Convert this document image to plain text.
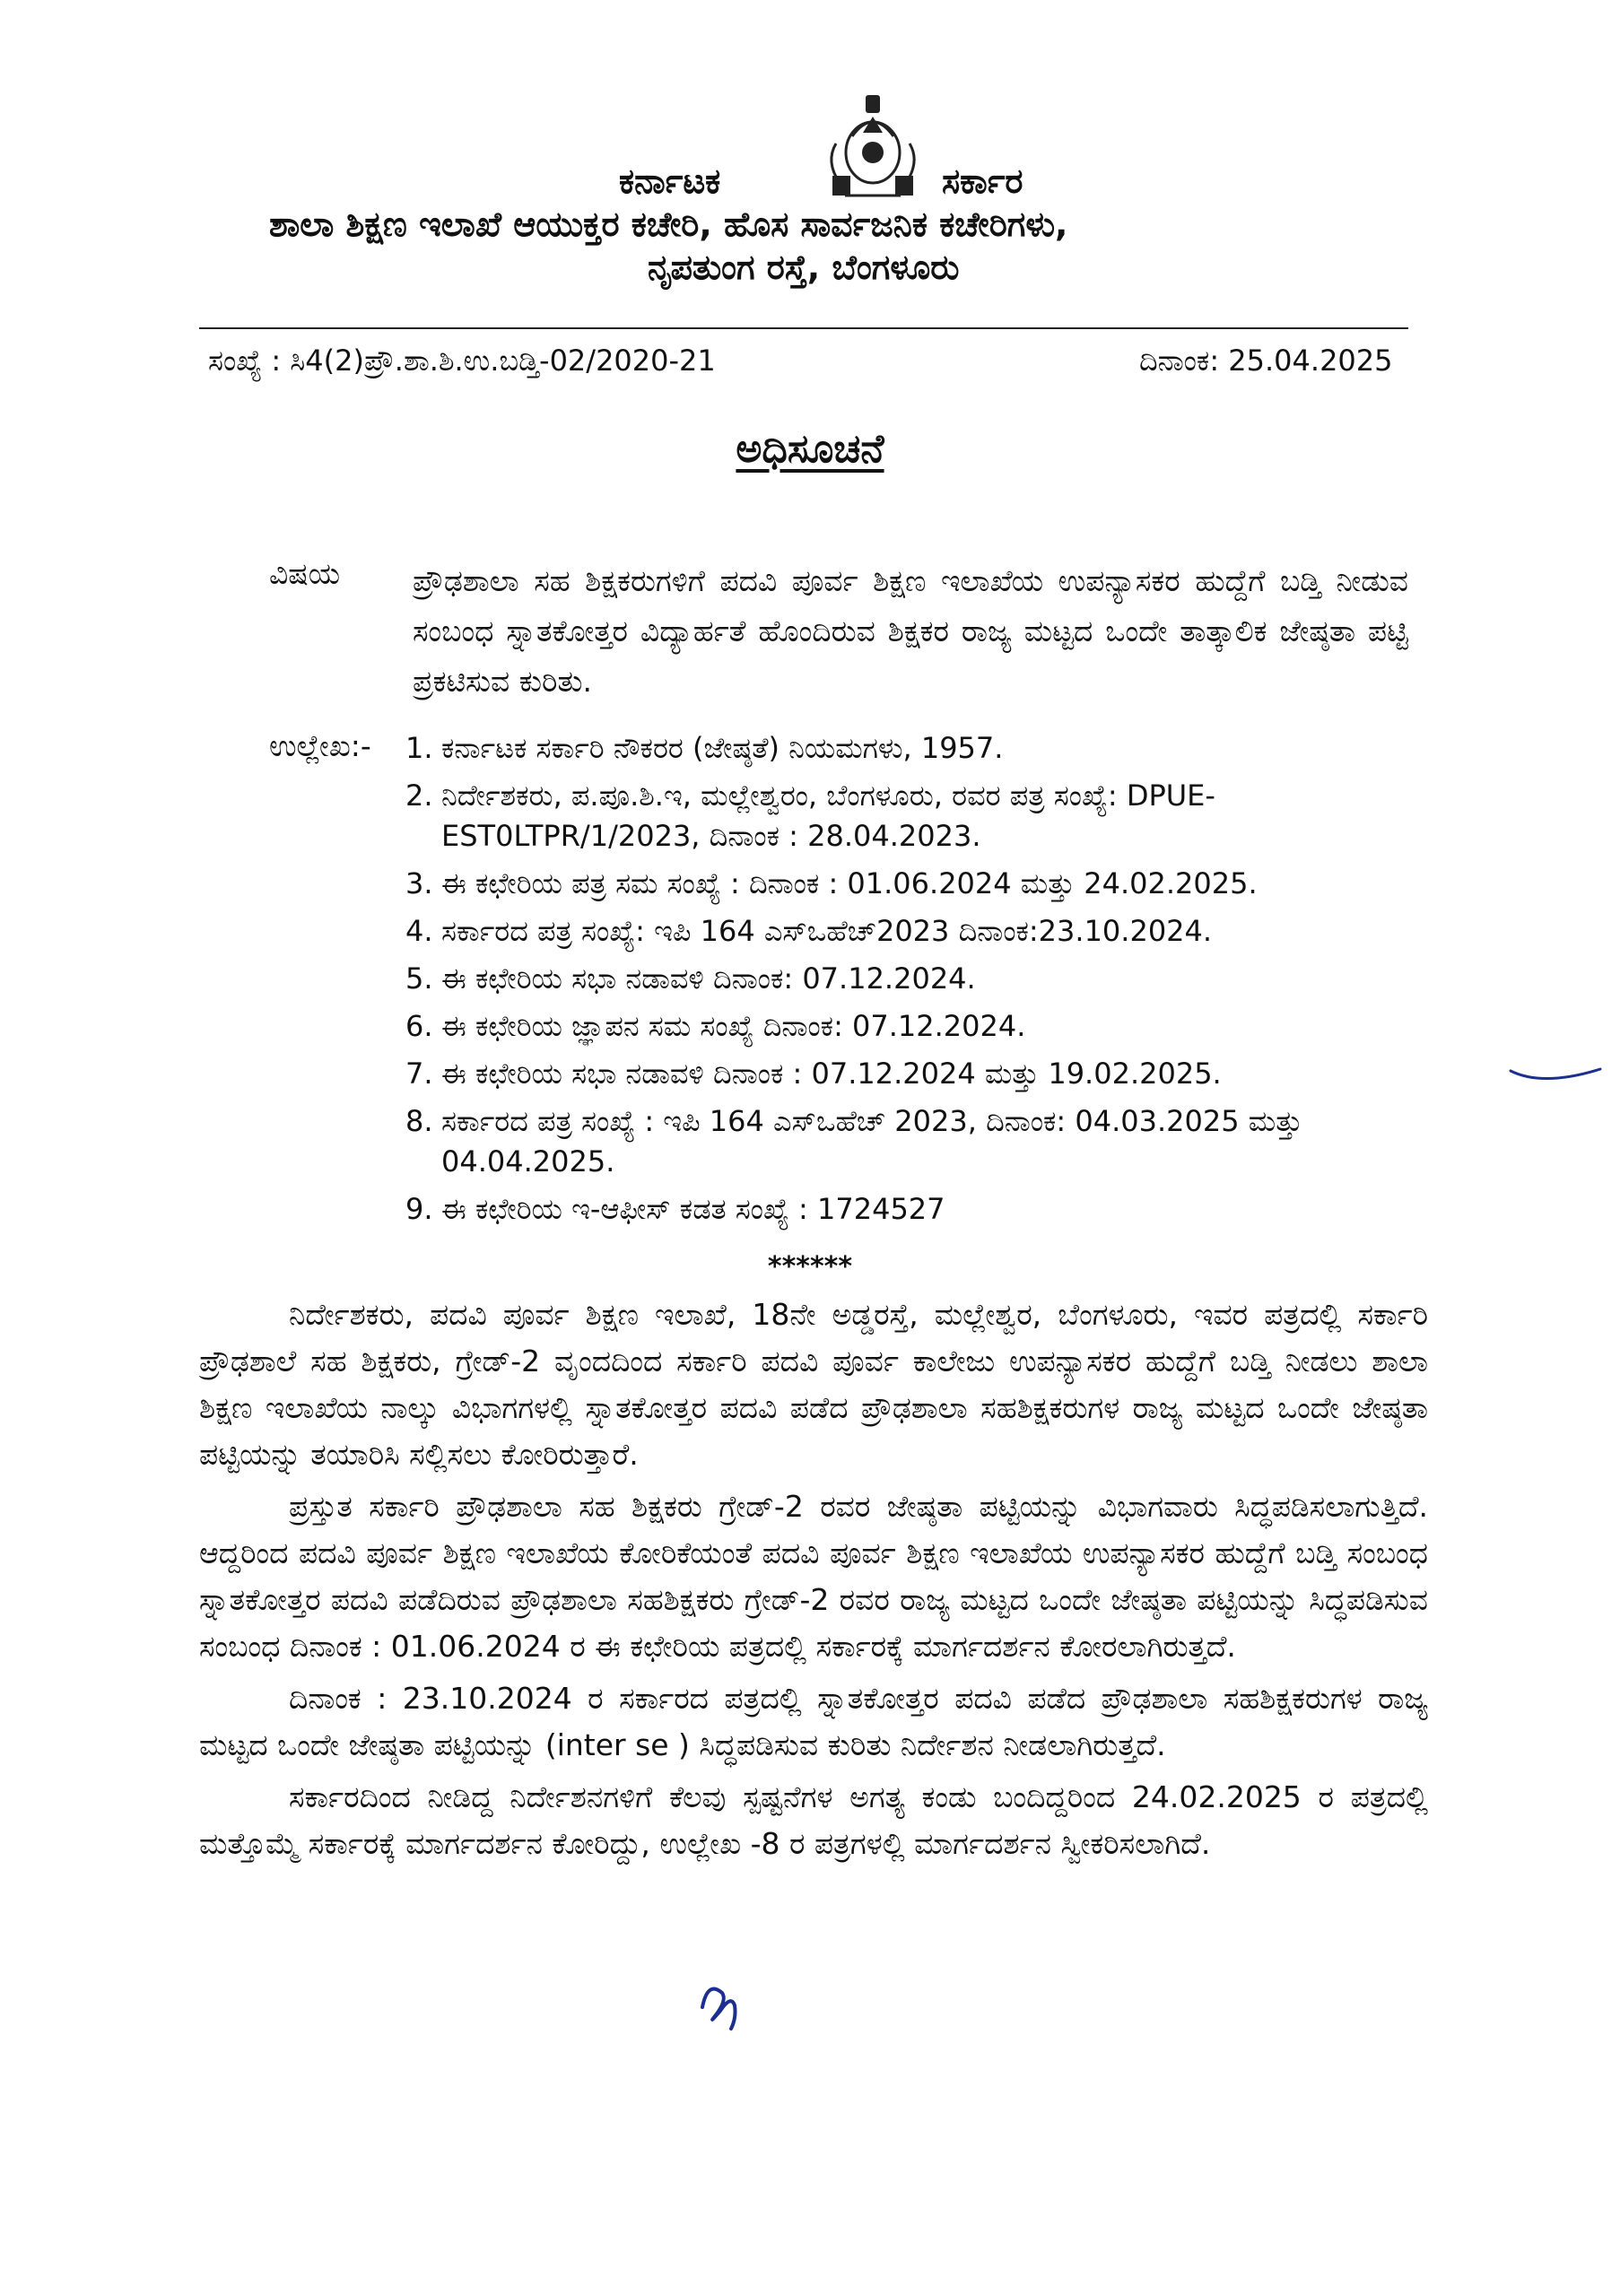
ಕರ್ನಾಟಕ	ಸರ್ಕಾರ
ಶಾಲಾ ಶಿಕ್ಷಣ ಇಲಾಖೆ ಆಯುಕ್ತರ ಕಚೇರಿ, ಹೊಸ ಸಾರ್ವಜನಿಕ ಕಚೇರಿಗಳು,
ನೃಪತುಂಗ ರಸ್ತೆ, ಬೆಂಗಳೂರು
ಸಂಖ್ಯೆ : ಸಿ4(2)ಪ್ರೌ.ಶಾ.ಶಿ.ಉ.ಬಡ್ತಿ-02/2020-21	ದಿನಾಂಕ: 25.04.2025
ಅಧಿಸೂಚನೆ
ವಿಷಯ ಪ್ರೌಢಶಾಲಾ ಸಹ ಶಿಕ್ಷಕರುಗಳಿಗೆ ಪದವಿ ಪೂರ್ವ ಶಿಕ್ಷಣ ಇಲಾಖೆಯ ಉಪನ್ಯಾಸಕರ ಹುದ್ದೆಗೆ ಬಡ್ತಿ ನೀಡುವ ಸಂಬಂಧ ಸ್ನಾತಕೋತ್ತರ ವಿದ್ಯಾರ್ಹತೆ ಹೊಂದಿರುವ ಶಿಕ್ಷಕರ ರಾಜ್ಯ ಮಟ್ಟದ ಒಂದೇ ತಾತ್ಕಾಲಿಕ ಜೇಷ್ಠತಾ ಪಟ್ಟಿ ಪ್ರಕಟಿಸುವ ಕುರಿತು.
ಉಲ್ಲೇಖ:- 1. ಕರ್ನಾಟಕ ಸರ್ಕಾರಿ ನೌಕರರ (ಜೇಷ್ಠತೆ) ನಿಯಮಗಳು, 1957.
2. ನಿರ್ದೇಶಕರು, ಪ.ಪೂ.ಶಿ.ಇ, ಮಲ್ಲೇಶ್ವರಂ, ಬೆಂಗಳೂರು, ರವರ ಪತ್ರ ಸಂಖ್ಯೆ: DPUE-EST0LTPR/1/2023, ದಿನಾಂಕ : 28.04.2023.
3. ಈ ಕಛೇರಿಯ ಪತ್ರ ಸಮ ಸಂಖ್ಯೆ : ದಿನಾಂಕ : 01.06.2024 ಮತ್ತು 24.02.2025.
4. ಸರ್ಕಾರದ ಪತ್ರ ಸಂಖ್ಯೆ: ಇಪಿ 164 ಎಸ್‌ಒಹೆಚ್2023 ದಿನಾಂಕ:23.10.2024.
5. ಈ ಕಛೇರಿಯ ಸಭಾ ನಡಾವಳಿ ದಿನಾಂಕ: 07.12.2024.
6. ಈ ಕಛೇರಿಯ ಜ್ಞಾಪನ ಸಮ ಸಂಖ್ಯೆ ದಿನಾಂಕ: 07.12.2024.
7. ಈ ಕಛೇರಿಯ ಸಭಾ ನಡಾವಳಿ ದಿನಾಂಕ : 07.12.2024 ಮತ್ತು 19.02.2025.
8. ಸರ್ಕಾರದ ಪತ್ರ ಸಂಖ್ಯೆ : ಇಪಿ 164 ಎಸ್‌ಒಹೆಚ್ 2023, ದಿನಾಂಕ: 04.03.2025 ಮತ್ತು 04.04.2025.
9. ಈ ಕಛೇರಿಯ ಇ-ಆಫೀಸ್ ಕಡತ ಸಂಖ್ಯೆ : 1724527
******

ನಿರ್ದೇಶಕರು, ಪದವಿ ಪೂರ್ವ ಶಿಕ್ಷಣ ಇಲಾಖೆ, 18ನೇ ಅಡ್ಡರಸ್ತೆ, ಮಲ್ಲೇಶ್ವರ, ಬೆಂಗಳೂರು, ಇವರ ಪತ್ರದಲ್ಲಿ ಸರ್ಕಾರಿ ಪ್ರೌಢಶಾಲೆ ಸಹ ಶಿಕ್ಷಕರು, ಗ್ರೇಡ್-2 ವೃಂದದಿಂದ ಸರ್ಕಾರಿ ಪದವಿ ಪೂರ್ವ ಕಾಲೇಜು ಉಪನ್ಯಾಸಕರ ಹುದ್ದೆಗೆ ಬಡ್ತಿ ನೀಡಲು ಶಾಲಾ ಶಿಕ್ಷಣ ಇಲಾಖೆಯ ನಾಲ್ಕು ವಿಭಾಗಗಳಲ್ಲಿ ಸ್ನಾತಕೋತ್ತರ ಪದವಿ ಪಡೆದ ಪ್ರೌಢಶಾಲಾ ಸಹಶಿಕ್ಷಕರುಗಳ ರಾಜ್ಯ ಮಟ್ಟದ ಒಂದೇ ಜೇಷ್ಠತಾ ಪಟ್ಟಿಯನ್ನು ತಯಾರಿಸಿ ಸಲ್ಲಿಸಲು ಕೋರಿರುತ್ತಾರೆ.

ಪ್ರಸ್ತುತ ಸರ್ಕಾರಿ ಪ್ರೌಢಶಾಲಾ ಸಹ ಶಿಕ್ಷಕರು ಗ್ರೇಡ್-2 ರವರ ಜೇಷ್ಠತಾ ಪಟ್ಟಿಯನ್ನು ವಿಭಾಗವಾರು ಸಿದ್ಧಪಡಿಸಲಾಗುತ್ತಿದೆ. ಆದ್ದರಿಂದ ಪದವಿ ಪೂರ್ವ ಶಿಕ್ಷಣ ಇಲಾಖೆಯ ಕೋರಿಕೆಯಂತೆ ಪದವಿ ಪೂರ್ವ ಶಿಕ್ಷಣ ಇಲಾಖೆಯ ಉಪನ್ಯಾಸಕರ ಹುದ್ದೆಗೆ ಬಡ್ತಿ ಸಂಬಂಧ ಸ್ನಾತಕೋತ್ತರ ಪದವಿ ಪಡೆದಿರುವ ಪ್ರೌಢಶಾಲಾ ಸಹಶಿಕ್ಷಕರು ಗ್ರೇಡ್-2 ರವರ ರಾಜ್ಯ ಮಟ್ಟದ ಒಂದೇ ಜೇಷ್ಠತಾ ಪಟ್ಟಿಯನ್ನು ಸಿದ್ಧಪಡಿಸುವ ಸಂಬಂಧ ದಿನಾಂಕ : 01.06.2024 ರ ಈ ಕಛೇರಿಯ ಪತ್ರದಲ್ಲಿ ಸರ್ಕಾರಕ್ಕೆ ಮಾರ್ಗದರ್ಶನ ಕೋರಲಾಗಿರುತ್ತದೆ.

ದಿನಾಂಕ : 23.10.2024 ರ ಸರ್ಕಾರದ ಪತ್ರದಲ್ಲಿ ಸ್ನಾತಕೋತ್ತರ ಪದವಿ ಪಡೆದ ಪ್ರೌಢಶಾಲಾ ಸಹಶಿಕ್ಷಕರುಗಳ ರಾಜ್ಯ ಮಟ್ಟದ ಒಂದೇ ಜೇಷ್ಠತಾ ಪಟ್ಟಿಯನ್ನು (inter se ) ಸಿದ್ಧಪಡಿಸುವ ಕುರಿತು ನಿರ್ದೇಶನ ನೀಡಲಾಗಿರುತ್ತದೆ.

ಸರ್ಕಾರದಿಂದ ನೀಡಿದ್ದ ನಿರ್ದೇಶನಗಳಿಗೆ ಕೆಲವು ಸ್ಪಷ್ಟನೆಗಳ ಅಗತ್ಯ ಕಂಡು ಬಂದಿದ್ದರಿಂದ 24.02.2025 ರ ಪತ್ರದಲ್ಲಿ ಮತ್ತೊಮ್ಮೆ ಸರ್ಕಾರಕ್ಕೆ ಮಾರ್ಗದರ್ಶನ ಕೋರಿದ್ದು, ಉಲ್ಲೇಖ -8 ರ ಪತ್ರಗಳಲ್ಲಿ ಮಾರ್ಗದರ್ಶನ ಸ್ವೀಕರಿಸಲಾಗಿದೆ.
